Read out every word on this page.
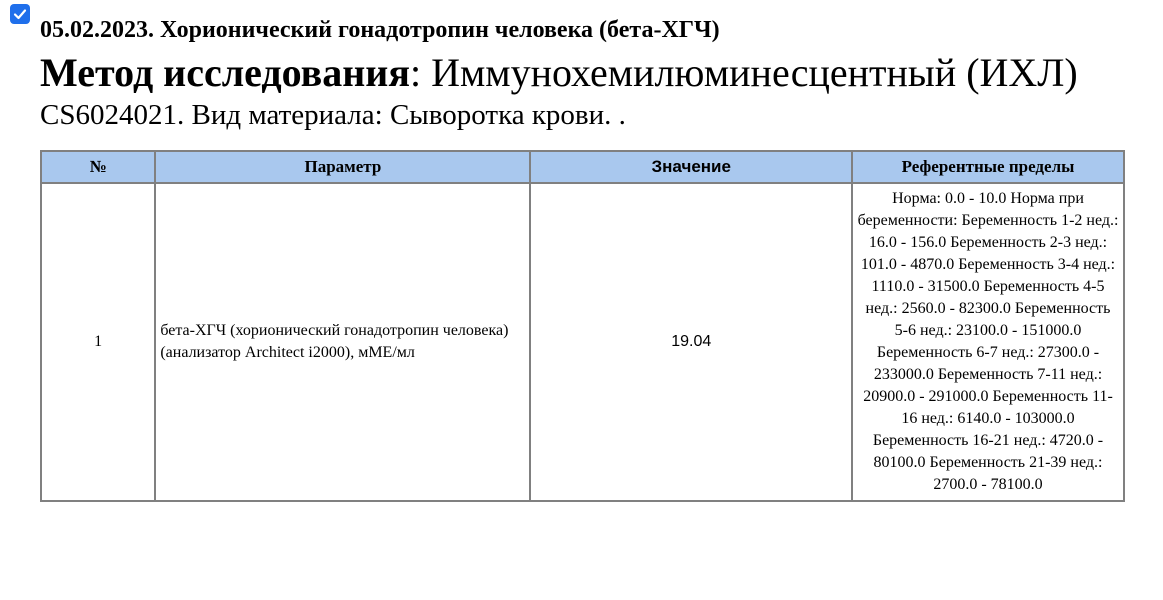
05.02.2023. Хорионический гонадотропин человека (бета-ХГЧ)
Метод исследования: Иммунохемилюминесцентный (ИХЛ)
CS6024021. Вид материала: Сыворотка крови. .
№	Параметр	Значение	Референтные пределы
1	бета-ХГЧ (хорионический гонадотропин человека) (анализатор Architect i2000), мМЕ/мл	19.04	Норма: 0.0 - 10.0 Норма при беременности: Беременность 1-2 нед.: 16.0 - 156.0 Беременность 2-3 нед.: 101.0 - 4870.0 Беременность 3-4 нед.: 1110.0 - 31500.0 Беременность 4-5 нед.: 2560.0 - 82300.0 Беременность 5-6 нед.: 23100.0 - 151000.0 Беременность 6-7 нед.: 27300.0 - 233000.0 Беременность 7-11 нед.: 20900.0 - 291000.0 Беременность 11-16 нед.: 6140.0 - 103000.0 Беременность 16-21 нед.: 4720.0 - 80100.0 Беременность 21-39 нед.: 2700.0 - 78100.0
